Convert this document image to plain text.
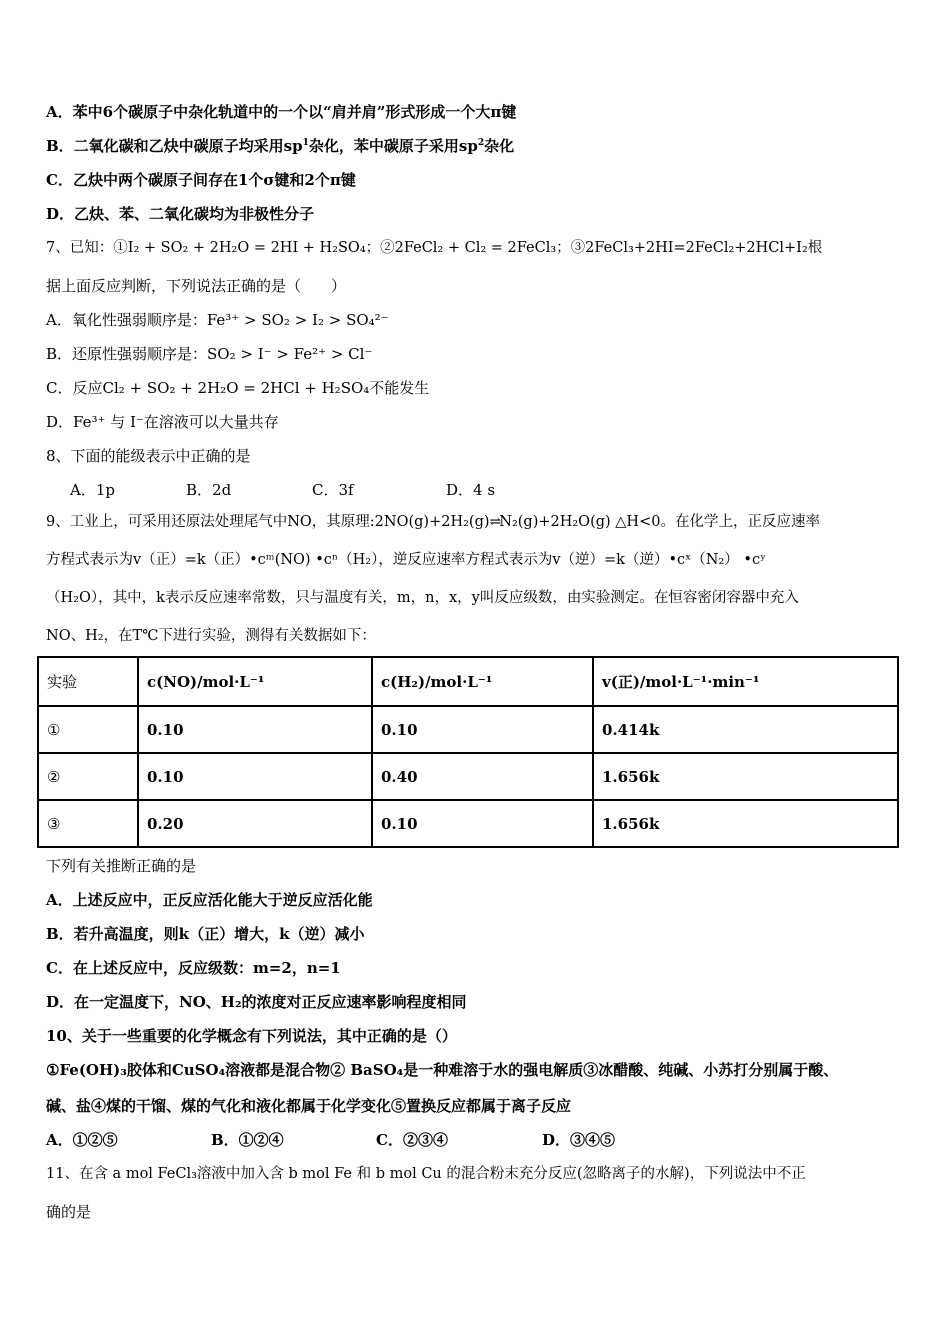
A．苯中6个碳原子中杂化轨道中的一个以“肩并肩”形式形成一个大π键
B．二氧化碳和乙炔中碳原子均采用$sp^1$杂化，苯中碳原子采用$sp^2$杂化
C．乙炔中两个碳原子间存在1个σ键和2个π键
D．乙炔、苯、二氧化碳均为非极性分子
7、已知：①I₂ + SO₂ + 2H₂O = 2HI + H₂SO₄；②2FeCl₂ + Cl₂ = 2FeCl₃；③2FeCl₃+2HI=2FeCl₂+2HCl+I₂根
据上面反应判断，下列说法正确的是（　　）
A．氧化性强弱顺序是：Fe³⁺ > SO₂ > I₂ > SO₄²⁻
B．还原性强弱顺序是：SO₂ > I⁻ > Fe²⁺ > Cl⁻
C．反应Cl₂ + SO₂ + 2H₂O = 2HCl + H₂SO₄不能发生
D．Fe³⁺ 与 I⁻在溶液可以大量共存
8、下面的能级表示中正确的是
A．1p	B．2d	C．3f	D．4 s
9、工业上，可采用还原法处理尾气中NO，其原理:2NO(g)+2H₂(g)⇌N₂(g)+2H₂O(g) △H<0。在化学上，正反应速率
方程式表示为v（正）=k（正）•cᵐ(NO) •cⁿ（H₂），逆反应速率方程式表示为v（逆）=k（逆）•cˣ（N₂） •cʸ
（H₂O），其中，k表示反应速率常数，只与温度有关，m，n，x，y叫反应级数，由实验测定。在恒容密闭容器中充入
NO、H₂，在T℃下进行实验，测得有关数据如下：
实验	c(NO)/mol·L⁻¹	c(H₂)/mol·L⁻¹	v(正)/mol·L⁻¹·min⁻¹
①	0.10	0.10	0.414k
②	0.10	0.40	1.656k
③	0.20	0.10	1.656k
下列有关推断正确的是
A．上述反应中，正反应活化能大于逆反应活化能
B．若升高温度，则k（正）增大，k（逆）减小
C．在上述反应中，反应级数：m=2，n=1
D．在一定温度下，NO、H₂的浓度对正反应速率影响程度相同
10、关于一些重要的化学概念有下列说法，其中正确的是（）
①Fe(OH)₃胶体和CuSO₄溶液都是混合物② BaSO₄是一种难溶于水的强电解质③冰醋酸、纯碱、小苏打分别属于酸、
碱、盐④煤的干馏、煤的气化和液化都属于化学变化⑤置换反应都属于离子反应
A．①②⑤	B．①②④	C．②③④	D．③④⑤
11、在含 a mol FeCl₃溶液中加入含 b mol Fe 和 b mol Cu 的混合粉末充分反应(忽略离子的水解)，下列说法中不正
确的是
